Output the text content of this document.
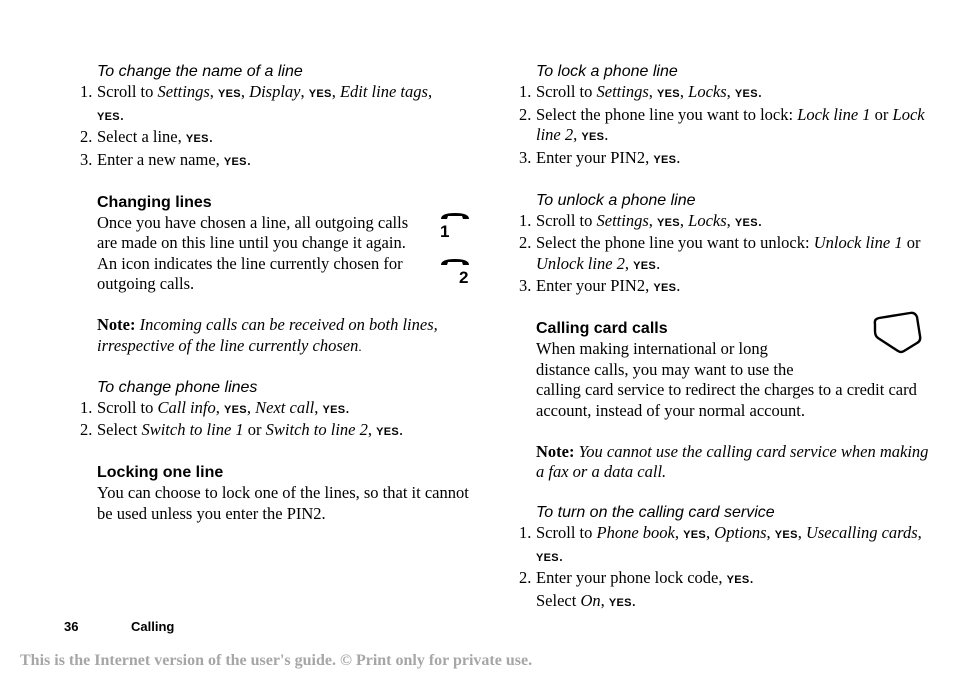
To change the name of a line
1. Scroll to Settings, YES, Display, YES, Edit line tags,
YES.
2. Select a line, YES.
3. Enter a new name, YES.
Changing lines
Once you have chosen a line, all outgoing calls are made on this line until you change it again. An icon indicates the line currently chosen for outgoing calls.
Note: Incoming calls can be received on both lines, irrespective of the line currently chosen.
To change phone lines
1. Scroll to Call info, YES, Next call, YES.
2. Select Switch to line 1 or Switch to line 2, YES.
Locking one line
You can choose to lock one of the lines, so that it cannot be used unless you enter the PIN2.
1
2
To lock a phone line
1. Scroll to Settings, YES, Locks, YES.
2. Select the phone line you want to lock: Lock line 1 or Lock line 2, YES.
3. Enter your PIN2, YES.
To unlock a phone line
1. Scroll to Settings, YES, Locks, YES.
2. Select the phone line you want to unlock: Unlock line 1 or Unlock line 2, YES.
3. Enter your PIN2, YES.
Calling card calls
When making international or long distance calls, you may want to use the
calling card service to redirect the charges to a credit card account, instead of your normal account.
Note: You cannot use the calling card service when making a fax or a data call.
To turn on the calling card service
1. Scroll to Phone book, YES, Options, YES, Usecalling cards, YES.
2. Enter your phone lock code, YES.
Select On, YES.
36	Calling
This is the Internet version of the user's guide. © Print only for private use.
